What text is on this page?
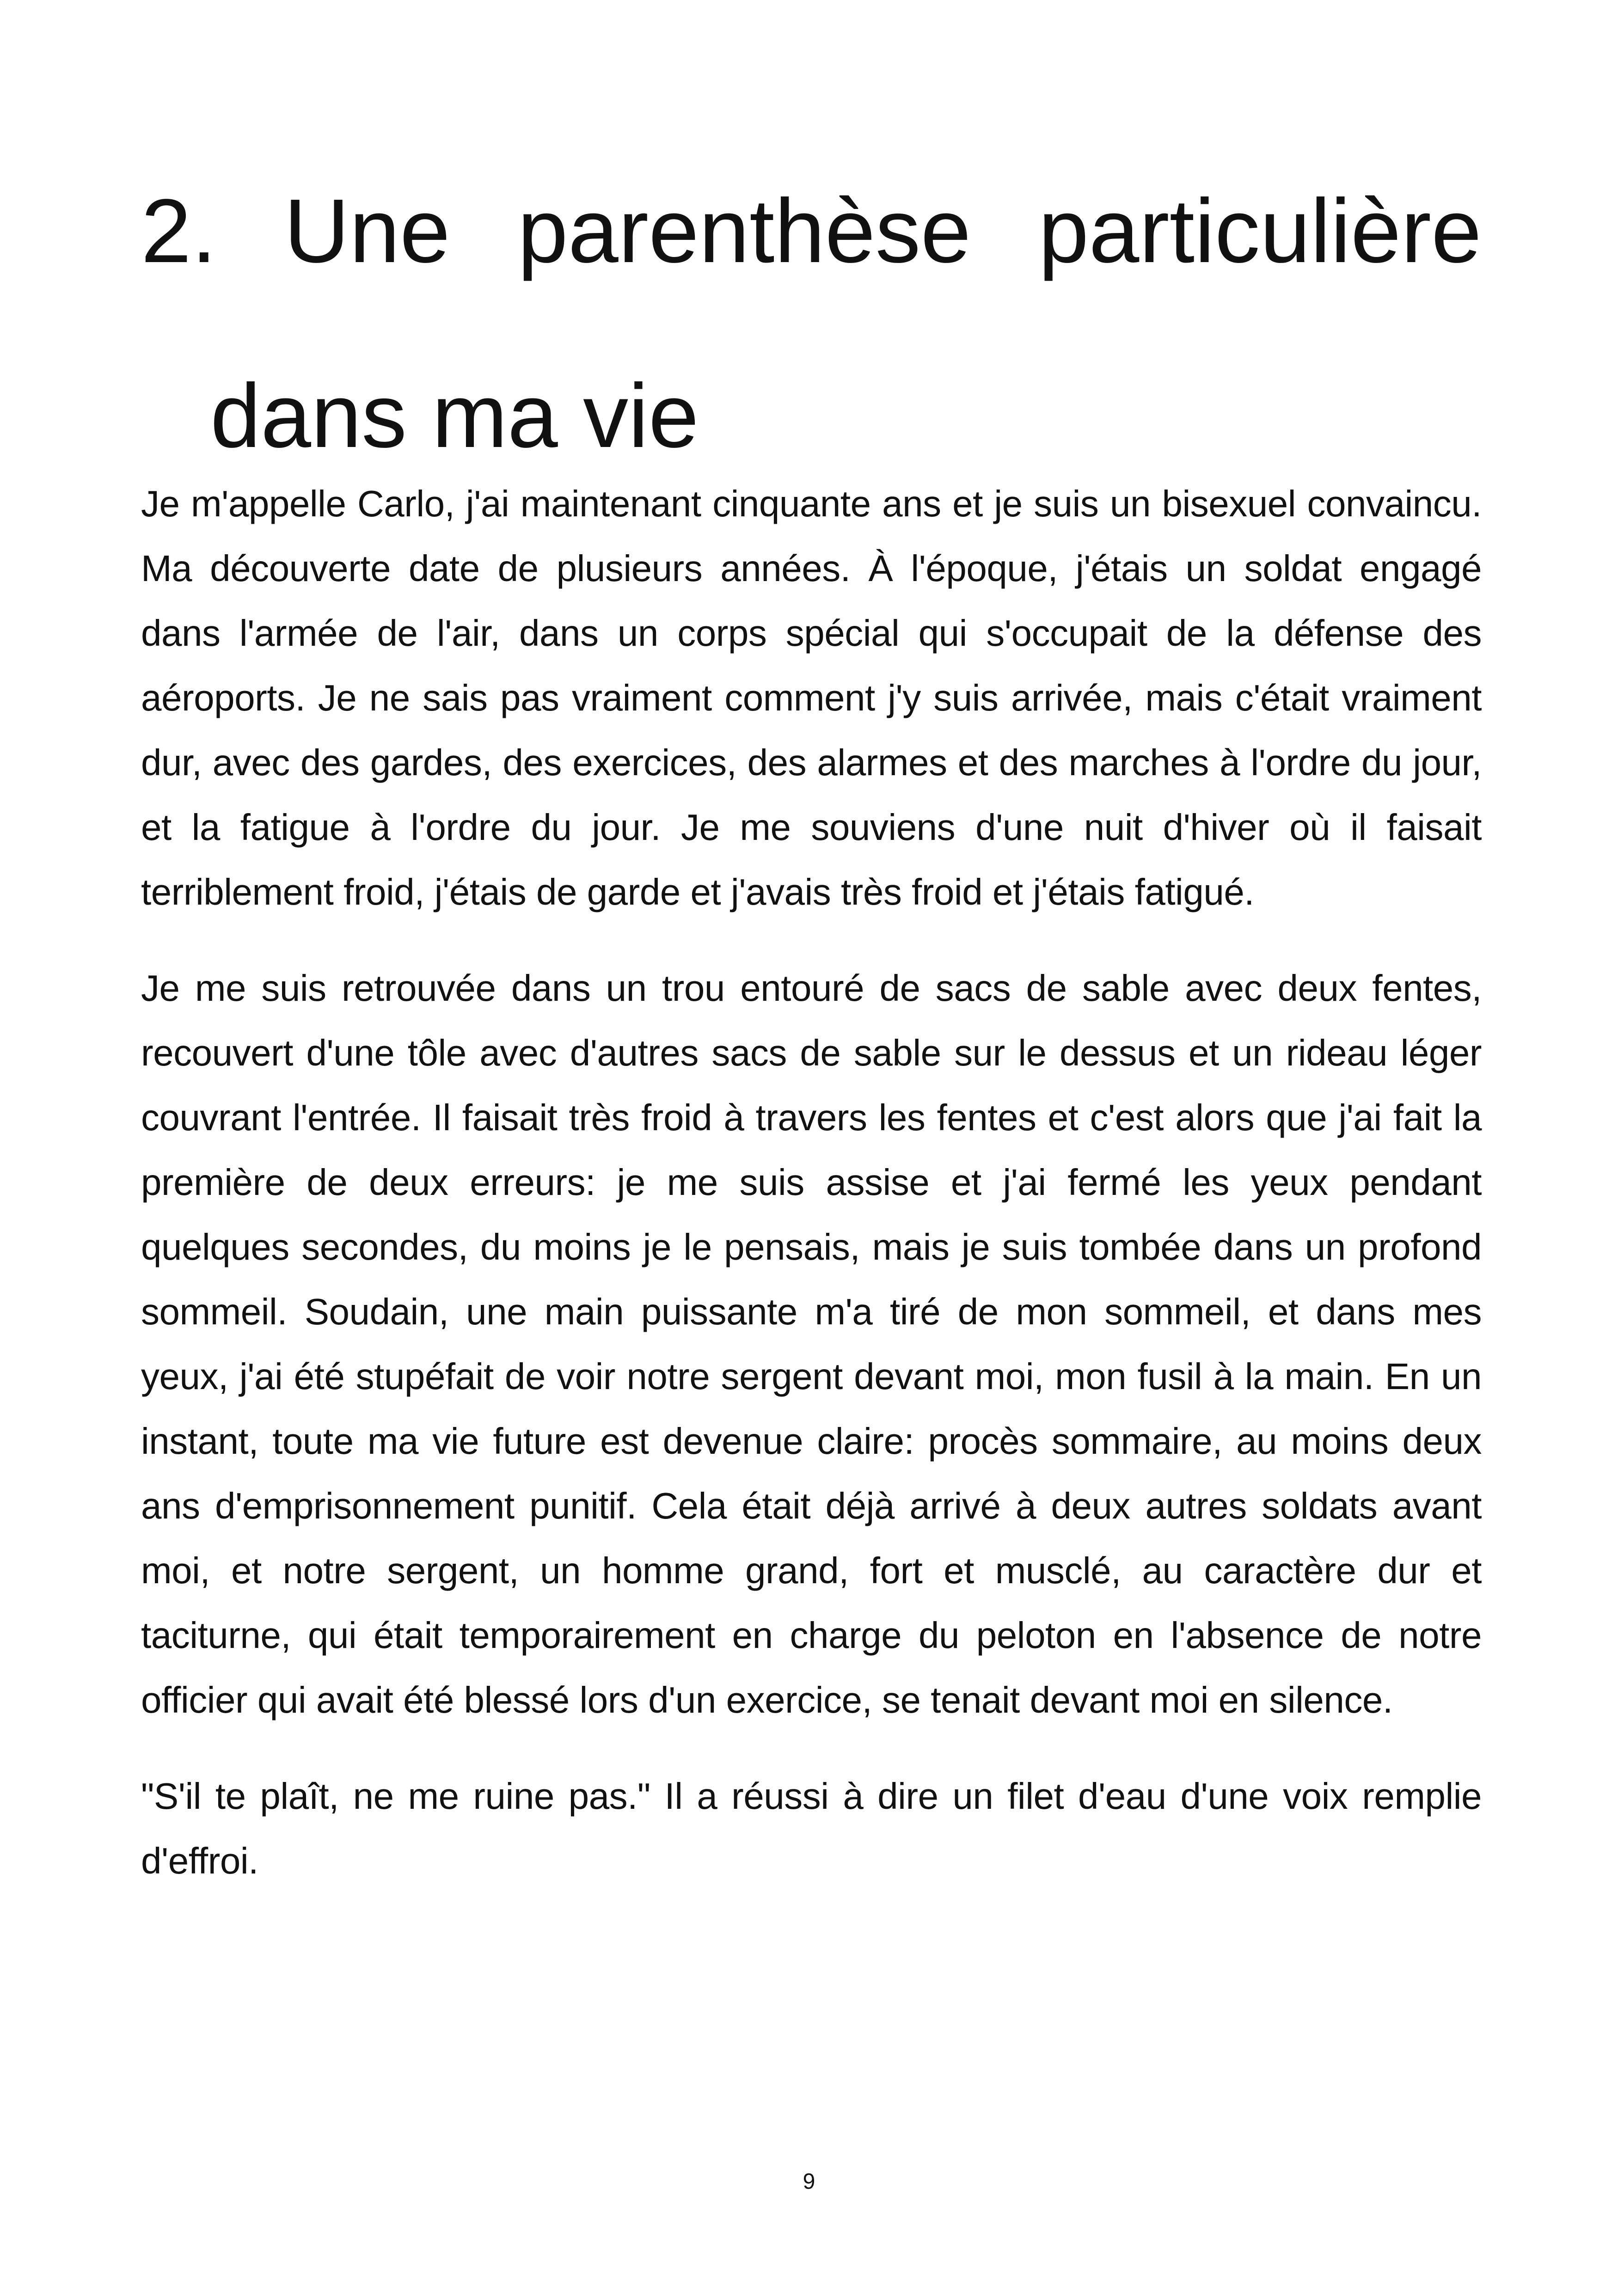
2. Une parenthèse particulière
dans ma vie

Je m'appelle Carlo, j'ai maintenant cinquante ans et je suis un bisexuel convaincu. Ma découverte date de plusieurs années. À l'époque, j'étais un soldat engagé dans l'armée de l'air, dans un corps spécial qui s'occupait de la défense des aéroports. Je ne sais pas vraiment comment j'y suis arrivée, mais c'était vraiment dur, avec des gardes, des exercices, des alarmes et des marches à l'ordre du jour, et la fatigue à l'ordre du jour. Je me souviens d'une nuit d'hiver où il faisait terriblement froid, j'étais de garde et j'avais très froid et j'étais fatigué.

Je me suis retrouvée dans un trou entouré de sacs de sable avec deux fentes, recouvert d'une tôle avec d'autres sacs de sable sur le dessus et un rideau léger couvrant l'entrée. Il faisait très froid à travers les fentes et c'est alors que j'ai fait la première de deux erreurs: je me suis assise et j'ai fermé les yeux pendant quelques secondes, du moins je le pensais, mais je suis tombée dans un profond sommeil. Soudain, une main puissante m'a tiré de mon sommeil, et dans mes yeux, j'ai été stupéfait de voir notre sergent devant moi, mon fusil à la main. En un instant, toute ma vie future est devenue claire: procès sommaire, au moins deux ans d'emprisonnement punitif. Cela était déjà arrivé à deux autres soldats avant moi, et notre sergent, un homme grand, fort et musclé, au caractère dur et taciturne, qui était temporairement en charge du peloton en l'absence de notre officier qui avait été blessé lors d'un exercice, se tenait devant moi en silence.

"S'il te plaît, ne me ruine pas." Il a réussi à dire un filet d'eau d'une voix remplie d'effroi.

9
